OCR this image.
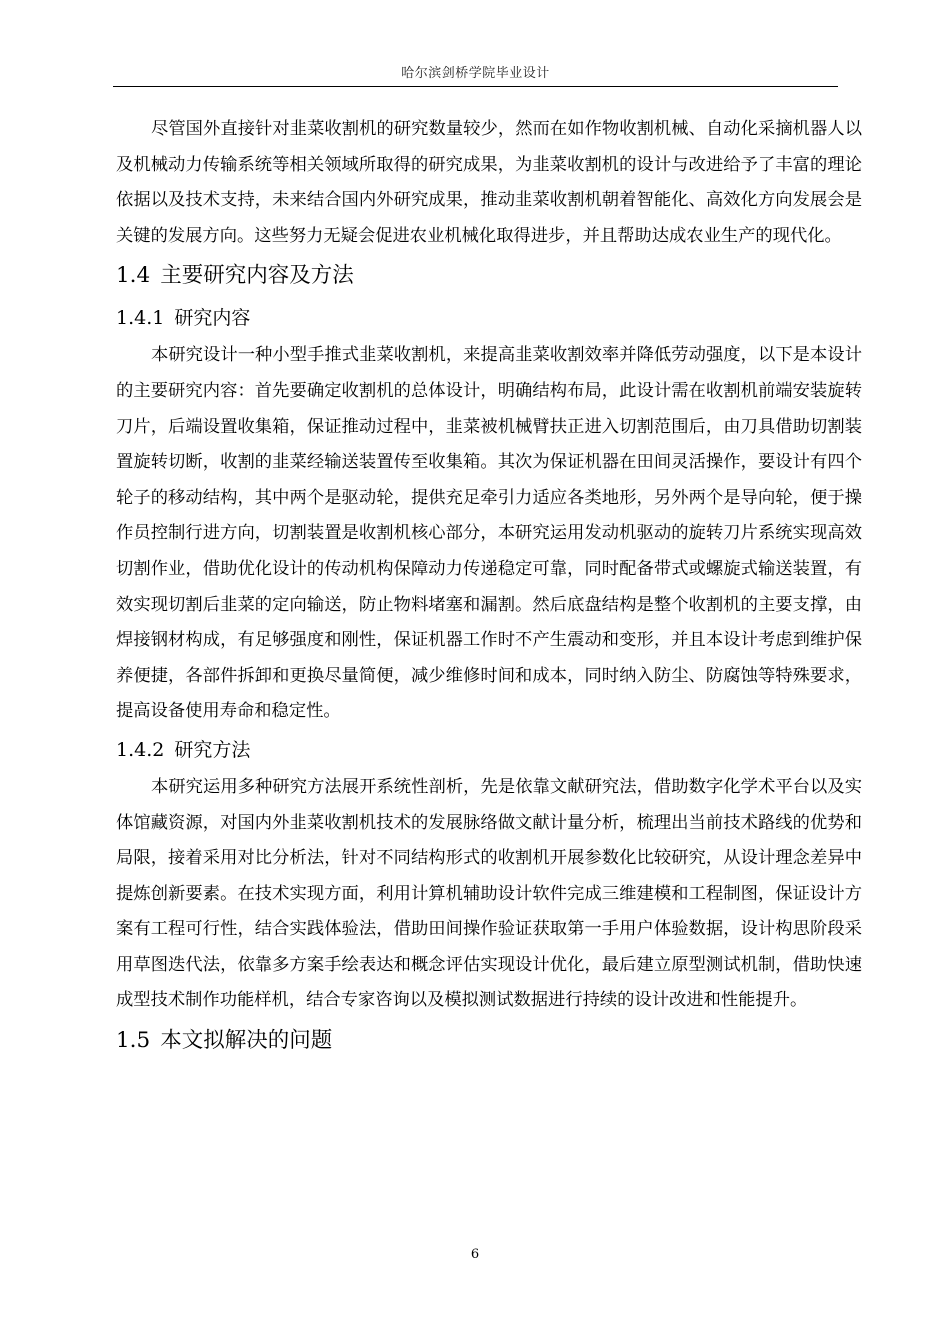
哈尔滨剑桥学院毕业设计

尽管国外直接针对韭菜收割机的研究数量较少，然而在如作物收割机械、自动化采摘机器人以及机械动力传输系统等相关领域所取得的研究成果，为韭菜收割机的设计与改进给予了丰富的理论依据以及技术支持，未来结合国内外研究成果，推动韭菜收割机朝着智能化、高效化方向发展会是关键的发展方向。这些努力无疑会促进农业机械化取得进步，并且帮助达成农业生产的现代化。

1.4 主要研究内容及方法
1.4.1 研究内容

本研究设计一种小型手推式韭菜收割机，来提高韭菜收割效率并降低劳动强度，以下是本设计的主要研究内容：首先要确定收割机的总体设计，明确结构布局，此设计需在收割机前端安装旋转刀片，后端设置收集箱，保证推动过程中，韭菜被机械臂扶正进入切割范围后，由刀具借助切割装置旋转切断，收割的韭菜经输送装置传至收集箱。其次为保证机器在田间灵活操作，要设计有四个轮子的移动结构，其中两个是驱动轮，提供充足牵引力适应各类地形，另外两个是导向轮，便于操作员控制行进方向，切割装置是收割机核心部分，本研究运用发动机驱动的旋转刀片系统实现高效切割作业，借助优化设计的传动机构保障动力传递稳定可靠，同时配备带式或螺旋式输送装置，有效实现切割后韭菜的定向输送，防止物料堵塞和漏割。然后底盘结构是整个收割机的主要支撑，由焊接钢材构成，有足够强度和刚性，保证机器工作时不产生震动和变形，并且本设计考虑到维护保养便捷，各部件拆卸和更换尽量简便，减少维修时间和成本，同时纳入防尘、防腐蚀等特殊要求，提高设备使用寿命和稳定性。

1.4.2 研究方法

本研究运用多种研究方法展开系统性剖析，先是依靠文献研究法，借助数字化学术平台以及实体馆藏资源，对国内外韭菜收割机技术的发展脉络做文献计量分析，梳理出当前技术路线的优势和局限，接着采用对比分析法，针对不同结构形式的收割机开展参数化比较研究，从设计理念差异中提炼创新要素。在技术实现方面，利用计算机辅助设计软件完成三维建模和工程制图，保证设计方案有工程可行性，结合实践体验法，借助田间操作验证获取第一手用户体验数据，设计构思阶段采用草图迭代法，依靠多方案手绘表达和概念评估实现设计优化，最后建立原型测试机制，借助快速成型技术制作功能样机，结合专家咨询以及模拟测试数据进行持续的设计改进和性能提升。

1.5 本文拟解决的问题
6
